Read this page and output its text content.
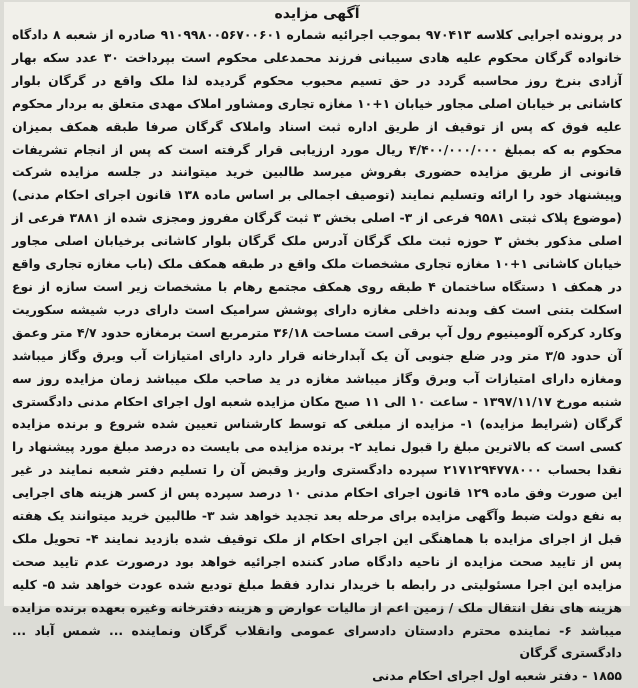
آگهی مزایده

در پرونده اجرایی کلاسه ۹۷۰۴۱۳ بموجب اجرائیه شماره ۹۱۰۹۹۸۰۰۵۶۷۰۰۶۰۱ صادره از شعبه ۸ دادگاه خانواده گرگان محکوم علیه هادی سیبانی فرزند محمدعلی محکوم است بپرداخت ۳۰ عدد سکه بهار آزادی بنرخ روز محاسبه گردد در حق تسیم محبوب محکوم گردیده لذا ملک واقع در گرگان بلوار کاشانی بر خیابان اصلی مجاور خیابان ۱+۱۰ مغازه تجاری ومشاور املاک مهدی متعلق به بردار محکوم علیه فوق که پس از توقیف از طریق اداره ثبت اسناد واملاک گرگان صرفا طبقه همکف بمیزان محکوم به که بمبلغ ۴/۴۰۰/۰۰۰/۰۰۰ ریال مورد ارزیابی قرار گرفته است که پس از انجام تشریفات قانونی از طریق مزایده حضوری بفروش میرسد طالبین خرید میتوانند در جلسه مزایده شرکت وپیشنهاد خود را ارائه وتسلیم نمایند (توصیف اجمالی بر اساس ماده ۱۳۸ قانون اجرای احکام مدنی) (موضوع پلاک ثبتی ۹۵۸۱ فرعی از ۳- اصلی بخش ۳ ثبت گرگان مفروز ومجزی شده از ۳۸۸۱ فرعی از اصلی مذکور بخش ۳ حوزه ثبت ملک گرگان آدرس ملک گرگان بلوار کاشانی برخیابان اصلی مجاور خیابان کاشانی ۱+۱۰ مغازه تجاری مشخصات ملک واقع در طبقه همکف ملک (باب مغازه تجاری واقع در همکف ۱ دستگاه ساختمان ۴ طبقه روی همکف مجتمع رهام با مشخصات زیر است سازه از نوع اسکلت بتنی است کف وبدنه داخلی مغازه دارای پوشش سرامیک است دارای درب شیشه سکوریت وکارد کرکره آلومینیوم رول آپ برقی است مساحت ۳۶/۱۸ مترمربع است برمغازه حدود ۴/۷ متر وعمق آن حدود ۳/۵ متر ودر ضلع جنوبی آن یک آبدارخانه قرار دارد دارای امتیازات آب وبرق وگاز میباشد ومغازه دارای امتیازات آب وبرق وگاز میباشد مغازه در ید صاحب ملک میباشد زمان مزایده روز سه شنبه مورخ ۱۳۹۷/۱۱/۱۷ - ساعت ۱۰ الی ۱۱ صبح مکان مزایده شعبه اول اجرای احکام مدنی دادگستری گرگان (شرایط مزایده) ۱- مزایده از مبلغی که توسط کارشناس تعیین شده شروع و برنده مزایده کسی است که بالاترین مبلغ را قبول نماید ۲- برنده مزایده می بایست ده درصد مبلغ مورد پیشنهاد را نقدا بحساب ۲۱۷۱۲۹۴۷۷۸۰۰۰ سپرده دادگستری واریز وقبض آن را تسلیم دفتر شعبه نمایند در غیر این صورت وفق ماده ۱۲۹ قانون اجرای احکام مدنی ۱۰ درصد سپرده پس از کسر هزینه های اجرایی به نفع دولت ضبط وآگهی مزایده برای مرحله بعد تجدید خواهد شد ۳- طالبین خرید میتوانند یک هفته قبل از اجرای مزایده با هماهنگی این اجرای احکام از ملک توقیف شده بازدید نمایند ۴- تحویل ملک پس از تایید صحت مزایده از ناحیه دادگاه صادر کننده اجرائیه خواهد بود درصورت عدم تایید صحت مزایده این اجرا مسئولیتی در رابطه با خریدار ندارد فقط مبلغ تودیع شده عودت خواهد شد ۵- کلیه هزینه های نقل انتقال ملک / زمین اعم از مالیات عوارض و هزینه دفترخانه وغیره بعهده برنده مزایده میباشد ۶- نماینده محترم دادستان دادسرای عمومی وانقلاب گرگان ونماینده ... شمس آباد ... دادگستری گرگان

۱۸۵۵ - دفتر شعبه اول اجرای احکام مدنی
